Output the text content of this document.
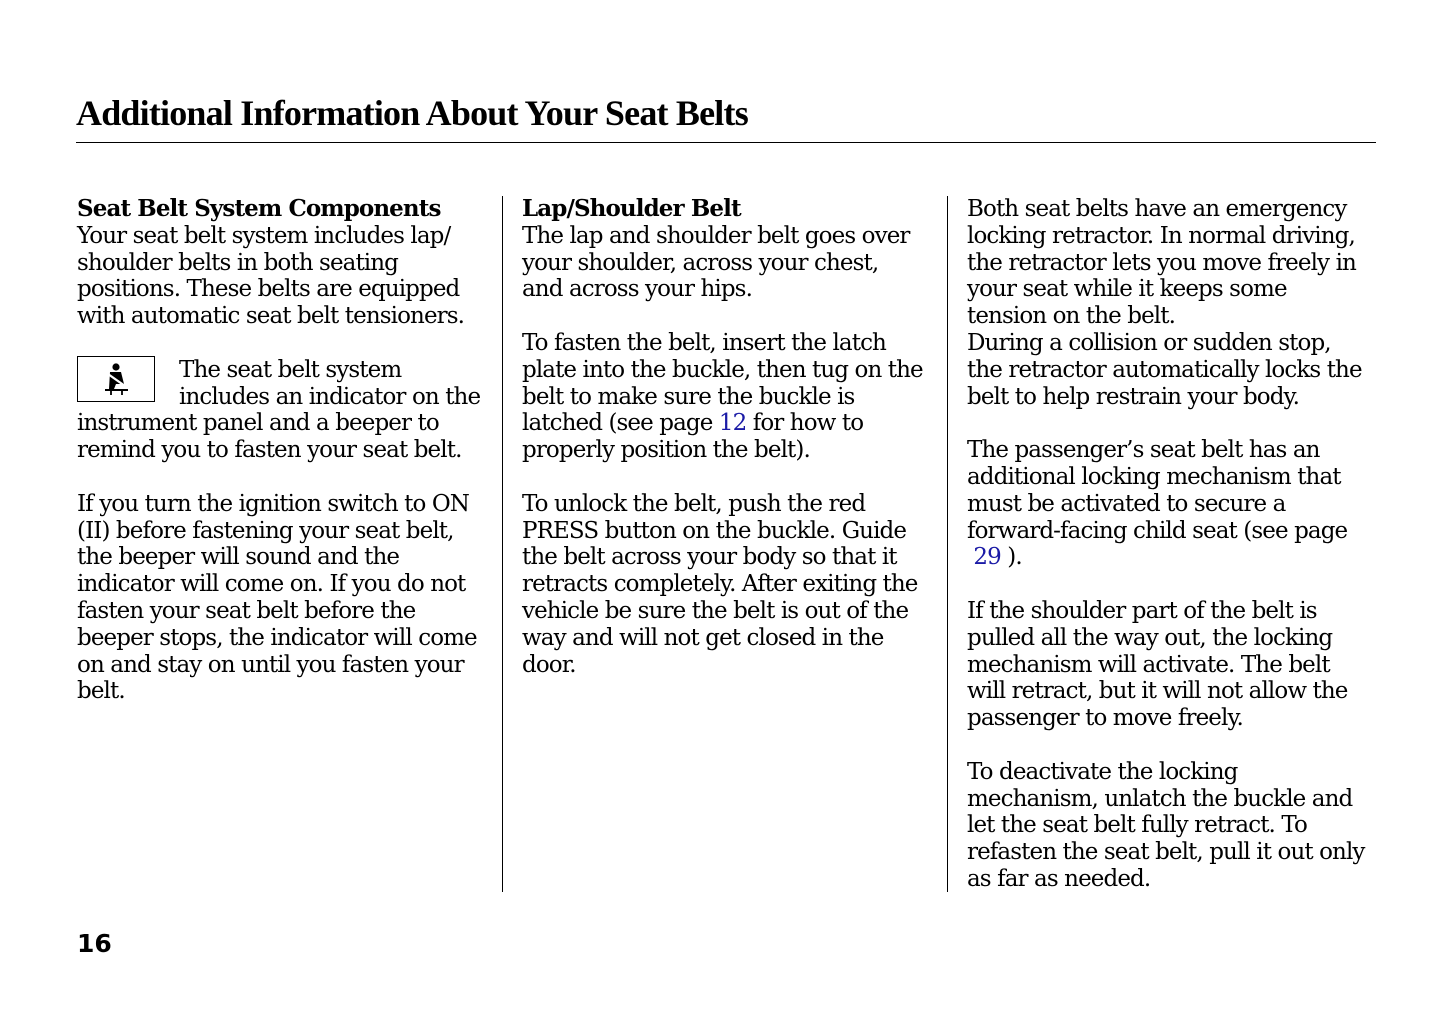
Additional Information About Your Seat Belts
Seat Belt System Components

Your seat belt system includes lap/
shoulder belts in both seating
positions. These belts are equipped
with automatic seat belt tensioners.

The seat belt system
includes an indicator on the
instrument panel and a beeper to
remind you to fasten your seat belt.

If you turn the ignition switch to ON
(II) before fastening your seat belt,
the beeper will sound and the
indicator will come on. If you do not
fasten your seat belt before the
beeper stops, the indicator will come
on and stay on until you fasten your
belt.

Lap/Shoulder Belt

The lap and shoulder belt goes over
your shoulder, across your chest,
and across your hips.

To fasten the belt, insert the latch
plate into the buckle, then tug on the
belt to make sure the buckle is
latched (see page 12 for how to
properly position the belt).

To unlock the belt, push the red
PRESS button on the buckle. Guide
the belt across your body so that it
retracts completely. After exiting the
vehicle be sure the belt is out of the
way and will not get closed in the
door.

Both seat belts have an emergency
locking retractor. In normal driving,
the retractor lets you move freely in
your seat while it keeps some
tension on the belt.
During a collision or sudden stop,
the retractor automatically locks the
belt to help restrain your body.

The passenger’s seat belt has an
additional locking mechanism that
must be activated to secure a
forward-facing child seat (see page
29 ).

If the shoulder part of the belt is
pulled all the way out, the locking
mechanism will activate. The belt
will retract, but it will not allow the
passenger to move freely.

To deactivate the locking
mechanism, unlatch the buckle and
let the seat belt fully retract. To
refasten the seat belt, pull it out only
as far as needed.

16
